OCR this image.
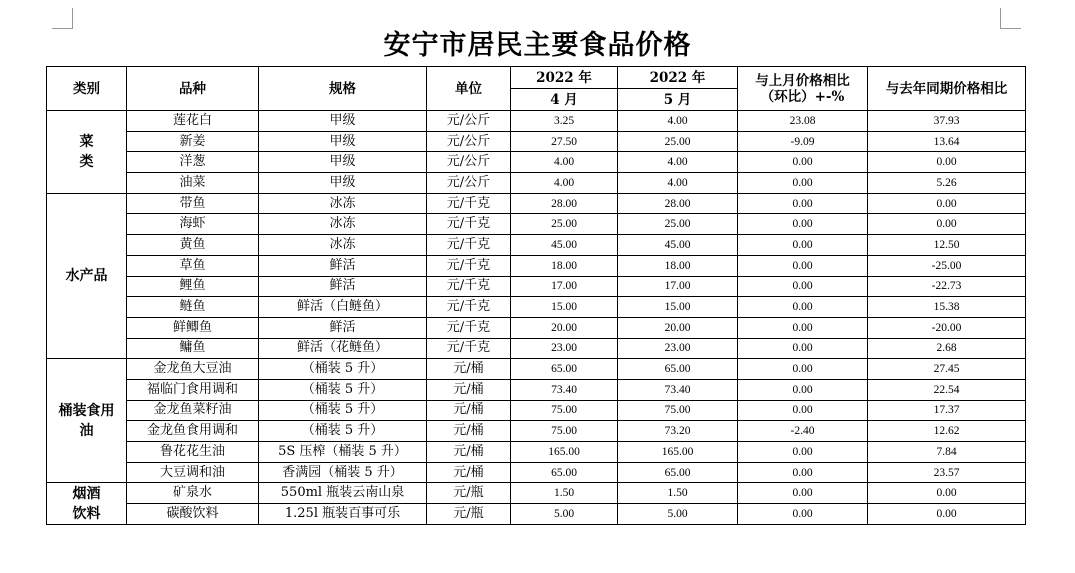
安宁市居民主要食品价格
类别	品种	规格	单位	2022 年	2022 年	与上月价格相比（环比）+-%	与去年同期价格相比
				4 月	5 月		

菜类	莲花白	甲级	元/公斤	3.25	4.00	23.08	37.93
	新姜	甲级	元/公斤	27.50	25.00	-9.09	13.64
	洋葱	甲级	元/公斤	4.00	4.00	0.00	0.00
	油菜	甲级	元/公斤	4.00	4.00	0.00	5.26

水产品	带鱼	冰冻	元/千克	28.00	28.00	0.00	0.00
	海虾	冰冻	元/千克	25.00	25.00	0.00	0.00
	黄鱼	冰冻	元/千克	45.00	45.00	0.00	12.50
	草鱼	鲜活	元/千克	18.00	18.00	0.00	-25.00
	鲤鱼	鲜活	元/千克	17.00	17.00	0.00	-22.73
	鲢鱼	鲜活（白鲢鱼）	元/千克	15.00	15.00	0.00	15.38
	鲜鲫鱼	鲜活	元/千克	20.00	20.00	0.00	-20.00
	鳙鱼	鲜活（花鲢鱼）	元/千克	23.00	23.00	0.00	2.68

桶装食用油	金龙鱼大豆油	（桶装 5 升）	元/桶	65.00	65.00	0.00	27.45
	福临门食用调和	（桶装 5 升）	元/桶	73.40	73.40	0.00	22.54
	金龙鱼菜籽油	（桶装 5 升）	元/桶	75.00	75.00	0.00	17.37
	金龙鱼食用调和	（桶装 5 升）	元/桶	75.00	73.20	-2.40	12.62
	鲁花花生油	5S 压榨（桶装 5 升）	元/桶	165.00	165.00	0.00	7.84
	大豆调和油	香满园（桶装 5 升）	元/桶	65.00	65.00	0.00	23.57

烟酒饮料	矿泉水	550ml 瓶装云南山泉	元/瓶	1.50	1.50	0.00	0.00
	碳酸饮料	1.25l 瓶装百事可乐	元/瓶	5.00	5.00	0.00	0.00
